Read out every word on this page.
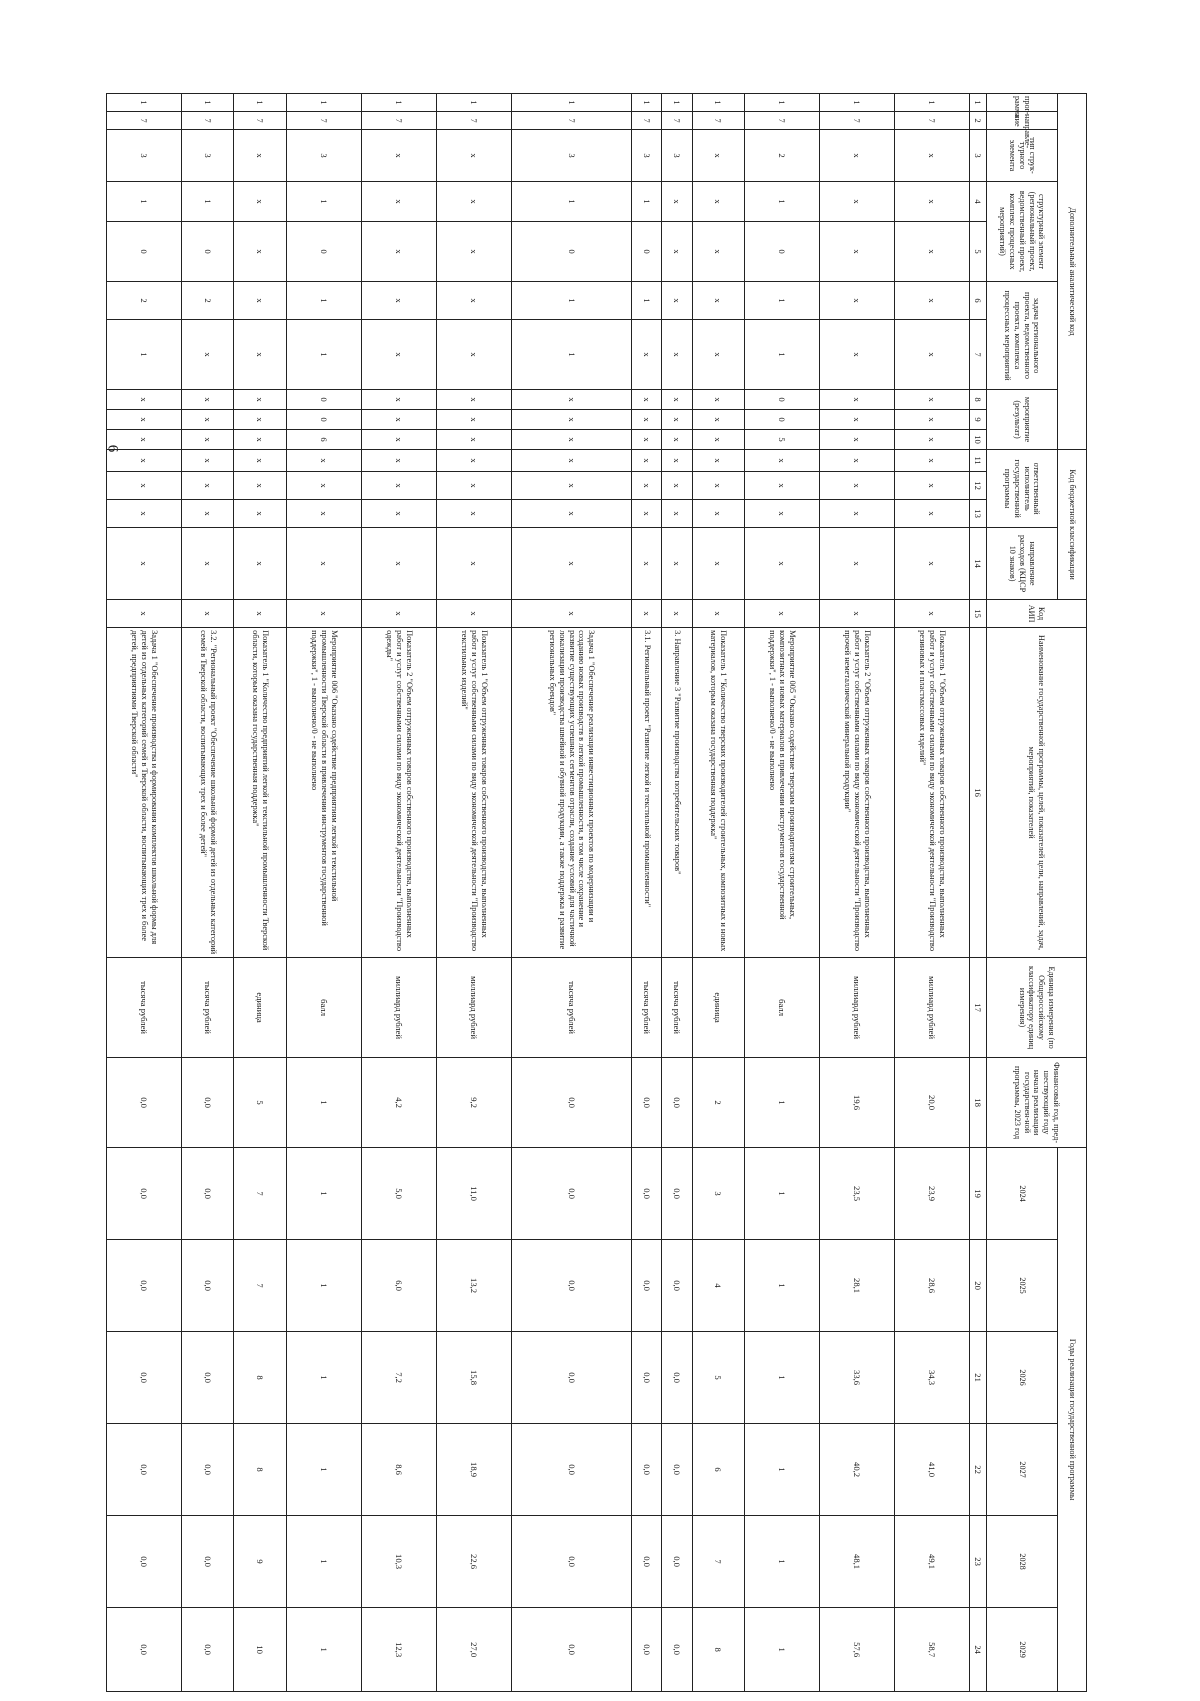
6
Дополнительный аналитический код										Код бюджетной классификации				Код АИП	Наименование государственной программы, целей, показателей цели, направлений, задач, мероприятий, показателей	Единица измерения (по Общероссийскому классификатору единиц измерения)	Финансовый год, пред-шествующий году начала реализации государствен-ной программы, 2023 год	Годы реализации государственной программы					
прог-рамма	направле-ние	тип струк-турного элемента	структурный элемент (региональный проект, ведомственный проект, комплекс процессных мероприятий)		задача регионального проекта, ведомственного проекта, комплекса процессных мероприятий		мероприятие (результат)			ответственный исполнитель государственной программы			направление расходов (КЦСР 10 знаков)					2024	2025	2026	2027	2028	2029

1	2	3	4	5	6	7	8	9	10	11	12	13	14	15	16	17	18	19	20	21	22	23	24
1	7	x	x	x	x	x	x	x	x	x	x	x	x	x	Показатель 1 "Объем отгруженных товаров собственного производства, выполненных работ и услуг собственными силами по виду экономической деятельности "Производство резиновых и пластмассовых изделий"	миллиард рублей	20,0	23,9	28,6	34,3	41,0	49,1	58,7
1	7	x	x	x	x	x	x	x	x	x	x	x	x	x	Показатель 2 "Объем отгруженных товаров собственного производства, выполненных работ и услуг собственными силами по виду экономической деятельности "Производство прочей неметаллической минеральной продукции"	миллиард рублей	19,6	23,5	28,1	33,6	40,2	48,1	57,6
1	7	2	1	0	1	1	0	0	5	x	x	x	x	x	Мероприятие 005 "Оказано содействие тверским производителям строительных, композитных и новых материалов в привлечении инструментов государственной поддержки", 1 - выполнено/0 - не выполнено	балл	1	1	1	1	1	1	1
1	7	x	x	x	x	x	x	x	x	x	x	x	x	x	Показатель 1 "Количество тверских производителей строительных, композитных и новых материалов, которым оказана государственная поддержка"	единица	2	3	4	5	6	7	8
1	7	3	x	x	x	x	x	x	x	x	x	x	x	x	3. Направление 3 "Развитие производства потребительских товаров"	тысяча рублей	0,0	0,0	0,0	0,0	0,0	0,0	0,0
1	7	3	1	0	1	x	x	x	x	x	x	x	x	x	3.1. Региональный проект "Развитие легкой и текстильной промышленности"	тысяча рублей	0,0	0,0	0,0	0,0	0,0	0,0	0,0
1	7	3	1	0	1	1	x	x	x	x	x	x	x	x	Задача 1 "Обеспечение реализации инвестиционных проектов по модернизации и созданию новых производств в легкой промышленности, в том числе сохранение и развитие существующих успешных сегментов отрасли, создание условий для частичной локализации производства швейной и обувной продукции, а также поддержка и развитие региональных брендов"	тысяча рублей	0,0	0,0	0,0	0,0	0,0	0,0	0,0
1	7	x	x	x	x	x	x	x	x	x	x	x	x	x	Показатель 1 "Объем отгруженных товаров собственного производства, выполненных работ и услуг собственными силами по виду экономической деятельности "Производство текстильных изделий"	миллиард рублей	9,2	11,0	13,2	15,8	18,9	22,6	27,0
1	7	x	x	x	x	x	x	x	x	x	x	x	x	x	Показатель 2 "Объем отгруженных товаров собственного производства, выполненных работ и услуг собственными силами по виду экономической деятельности "Производство одежды"	миллиард рублей	4,2	5,0	6,0	7,2	8,6	10,3	12,3
1	7	3	1	0	1	1	0	0	6	x	x	x	x	x	Мероприятие 006 "Оказано содействие предприятиям легкой и текстильной промышленности Тверской области в привлечении инструментов государственной поддержки", 1 - выполнено/0 - не выполнено	балл	1	1	1	1	1	1	1
1	7	x	x	x	x	x	x	x	x	x	x	x	x	x	Показатель 1 "Количество предприятий легкой и текстильной промышленности Тверской области, которым оказана государственная поддержка"	единица	5	7	7	8	8	9	10
1	7	3	1	0	2	x	x	x	x	x	x	x	x	x	3.2. "Региональный проект "Обеспечение школьной формой детей из отдельных категорий семей в Тверской области, воспитывающих трех и более детей"	тысяча рублей	0,0	0,0	0,0	0,0	0,0	0,0	0,0
1	7	3	1	0	2	1	x	x	x	x	x	x	x	x	Задача 1 "Обеспечение производства и формирования комплектов школьной формы для детей из отдельных категорий семей в Тверской области, воспитывающих трех и более детей, предприятиями Тверской области"	тысяча рублей	0,0	0,0	0,0	0,0	0,0	0,0	0,0
